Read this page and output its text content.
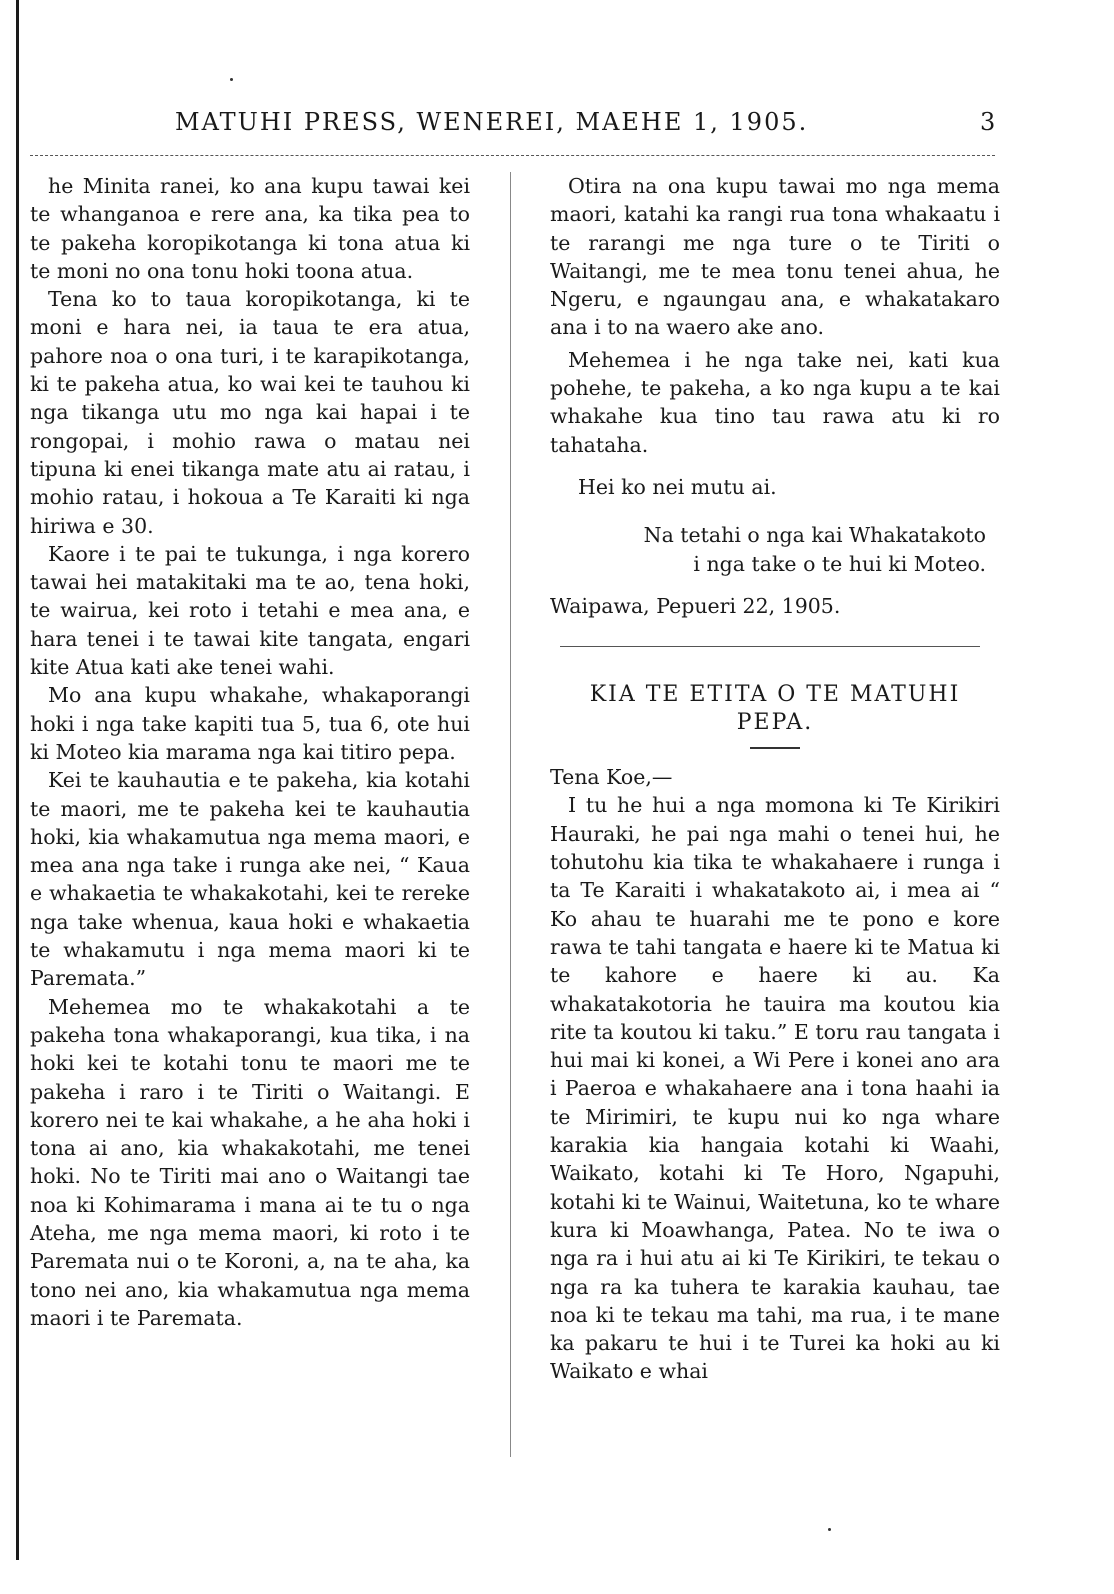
MATUHI PRESS, WENEREI, MAEHE 1, 1905.	3

he Minita ranei, ko ana kupu tawai kei te whanganoa e rere ana, ka tika pea to te pakeha koropikotanga ki tona atua ki te moni no ona tonu hoki toona atua.

Tena ko to taua koropikotanga, ki te moni e hara nei, ia taua te era atua, pahore noa o ona turi, i te karapikotanga, ki te pakeha atua, ko wai kei te tauhou ki nga tikanga utu mo nga kai hapai i te rongopai, i mohio rawa o matau nei tipuna ki enei tikanga mate atu ai ratau, i mohio ratau, i hokoua a Te Karaiti ki nga hiriwa e 30.

Kaore i te pai te tukunga, i nga korero tawai hei matakitaki ma te ao, tena hoki, te wairua, kei roto i tetahi e mea ana, e hara tenei i te tawai kite tangata, engari kite Atua kati ake tenei wahi.

Mo ana kupu whakahe, whakaporangi hoki i nga take kapiti tua 5, tua 6, ote hui ki Moteo kia marama nga kai titiro pepa.

Kei te kauhautia e te pakeha, kia kotahi te maori, me te pakeha kei te kauhautia hoki, kia whakamutua nga mema maori, e mea ana nga take i runga ake nei, “ Kaua e whakaetia te whakakotahi, kei te rereke nga take whenua, kaua hoki e whakaetia te whakamutu i nga mema maori ki te Paremata.”

Mehemea mo te whakakotahi a te pakeha tona whakaporangi, kua tika, i na hoki kei te kotahi tonu te maori me te pakeha i raro i te Tiriti o Waitangi. E korero nei te kai whakahe, a he aha hoki i tona ai ano, kia whakakotahi, me tenei hoki. No te Tiriti mai ano o Waitangi tae noa ki Kohimarama i mana ai te tu o nga Ateha, me nga mema maori, ki roto i te Paremata nui o te Koroni, a, na te aha, ka tono nei ano, kia whakamutua nga mema maori i te Paremata.

Otira na ona kupu tawai mo nga mema maori, katahi ka rangi rua tona whakaatu i te rarangi me nga ture o te Tiriti o Waitangi, me te mea tonu tenei ahua, he Ngeru, e ngaungau ana, e whakatakaro ana i to na waero ake ano.

Mehemea i he nga take nei, kati kua pohehe, te pakeha, a ko nga kupu a te kai whakahe kua tino tau rawa atu ki ro tahataha.

Hei ko nei mutu ai.

Na tetahi o nga kai Whakatakoto
i nga take o te hui ki Moteo.

Waipawa, Pepueri 22, 1905.

KIA TE ETITA O TE MATUHI PEPA.

Tena Koe,—

I tu he hui a nga momona ki Te Kirikiri Hauraki, he pai nga mahi o tenei hui, he tohutohu kia tika te whakahaere i runga i ta Te Karaiti i whakatakoto ai, i mea ai “ Ko ahau te huarahi me te pono e kore rawa te tahi tangata e haere ki te Matua ki te kahore e haere ki au. Ka whakatakotoria he tauira ma koutou kia rite ta koutou ki taku.” E toru rau tangata i hui mai ki konei, a Wi Pere i konei ano ara i Paeroa e whakahaere ana i tona haahi ia te Mirimiri, te kupu nui ko nga whare karakia kia hangaia kotahi ki Waahi, Waikato, kotahi ki Te Horo, Ngapuhi, kotahi ki te Wainui, Waitetuna, ko te whare kura ki Moawhanga, Patea. No te iwa o nga ra i hui atu ai ki Te Kirikiri, te tekau o nga ra ka tuhera te karakia kauhau, tae noa ki te tekau ma tahi, ma rua, i te mane ka pakaru te hui i te Turei ka hoki au ki Waikato e whai
